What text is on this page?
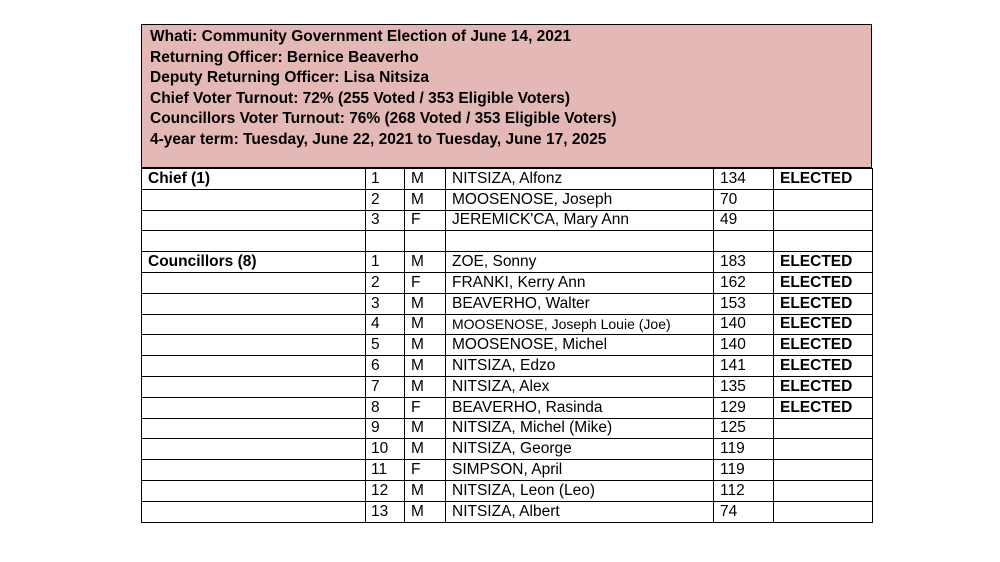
Whati: Community Government Election of June 14, 2021
Returning Officer: Bernice Beaverho
Deputy Returning Officer: Lisa Nitsiza
Chief Voter Turnout: 72% (255 Voted / 353 Eligible Voters)
Councillors Voter Turnout: 76% (268 Voted / 353 Eligible Voters)
4-year term: Tuesday, June 22, 2021 to Tuesday, June 17, 2025
Chief (1)	1	M	NITSIZA, Alfonz	134	ELECTED
	2	M	MOOSENOSE, Joseph	70	
	3	F	JEREMICK'CA, Mary Ann	49	

Councillors (8)	1	M	ZOE, Sonny	183	ELECTED
	2	F	FRANKI, Kerry Ann	162	ELECTED
	3	M	BEAVERHO, Walter	153	ELECTED
	4	M	MOOSENOSE, Joseph Louie (Joe)	140	ELECTED
	5	M	MOOSENOSE, Michel	140	ELECTED
	6	M	NITSIZA, Edzo	141	ELECTED
	7	M	NITSIZA, Alex	135	ELECTED
	8	F	BEAVERHO, Rasinda	129	ELECTED
	9	M	NITSIZA, Michel (Mike)	125	
	10	M	NITSIZA, George	119	
	11	F	SIMPSON, April	119	
	12	M	NITSIZA, Leon (Leo)	112	
	13	M	NITSIZA, Albert	74	
